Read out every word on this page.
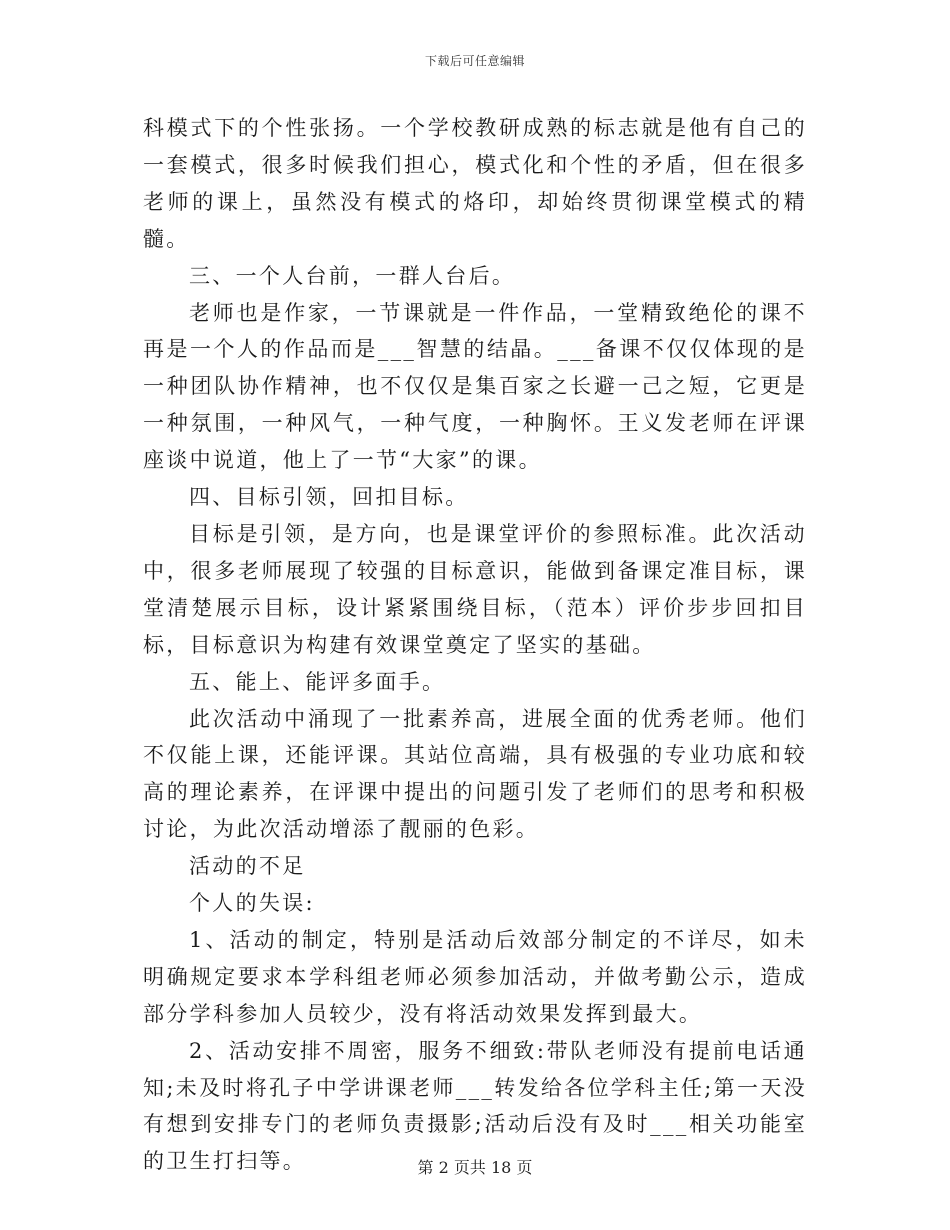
下载后可任意编辑

科模式下的个性张扬。一个学校教研成熟的标志就是他有自己的一套模式，很多时候我们担心，模式化和个性的矛盾，但在很多老师的课上，虽然没有模式的烙印，却始终贯彻课堂模式的精髓。

三、一个人台前，一群人台后。

老师也是作家，一节课就是一件作品，一堂精致绝伦的课不再是一个人的作品而是___智慧的结晶。___备课不仅仅体现的是一种团队协作精神，也不仅仅是集百家之长避一己之短，它更是一种氛围，一种风气，一种气度，一种胸怀。王义发老师在评课座谈中说道，他上了一节“大家”的课。

四、目标引领，回扣目标。

目标是引领，是方向，也是课堂评价的参照标准。此次活动中，很多老师展现了较强的目标意识，能做到备课定准目标，课堂清楚展示目标，设计紧紧围绕目标，（范本）评价步步回扣目标，目标意识为构建有效课堂奠定了坚实的基础。

五、能上、能评多面手。

此次活动中涌现了一批素养高，进展全面的优秀老师。他们不仅能上课，还能评课。其站位高端，具有极强的专业功底和较高的理论素养，在评课中提出的问题引发了老师们的思考和积极讨论，为此次活动增添了靓丽的色彩。

活动的不足

个人的失误:

1、活动的制定，特别是活动后效部分制定的不详尽，如未明确规定要求本学科组老师必须参加活动，并做考勤公示，造成部分学科参加人员较少，没有将活动效果发挥到最大。

2、活动安排不周密，服务不细致:带队老师没有提前电话通知;未及时将孔子中学讲课老师___转发给各位学科主任;第一天没有想到安排专门的老师负责摄影;活动后没有及时___相关功能室的卫生打扫等。	第 2 页共 18 页
